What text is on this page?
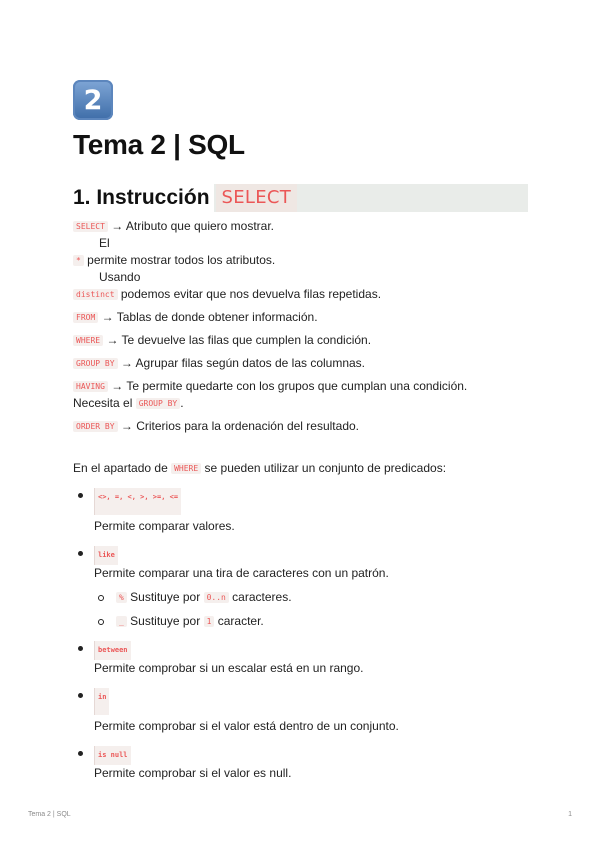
2
Tema 2 | SQL
1. Instrucción SELECT
SELECT → Atributo que quiero mostrar.
El
* permite mostrar todos los atributos.
Usando
distinct podemos evitar que nos devuelva filas repetidas.
FROM → Tablas de donde obtener información.
WHERE → Te devuelve las filas que cumplen la condición.
GROUP BY → Agrupar filas según datos de las columnas.
HAVING → Te permite quedarte con los grupos que cumplan una condición.
Necesita el GROUP BY .
ORDER BY → Criterios para la ordenación del resultado.
En el apartado de WHERE se pueden utilizar un conjunto de predicados:
<>, =, <, >, >=, <=
Permite comparar valores.
like
Permite comparar una tira de caracteres con un patrón.
% Sustituye por 0..n caracteres.
_ Sustituye por 1 caracter.
between
Permite comprobar si un escalar está en un rango.
in
Permite comprobar si el valor está dentro de un conjunto.
is null
Permite comprobar si el valor es null.
Tema 2 | SQL	1
